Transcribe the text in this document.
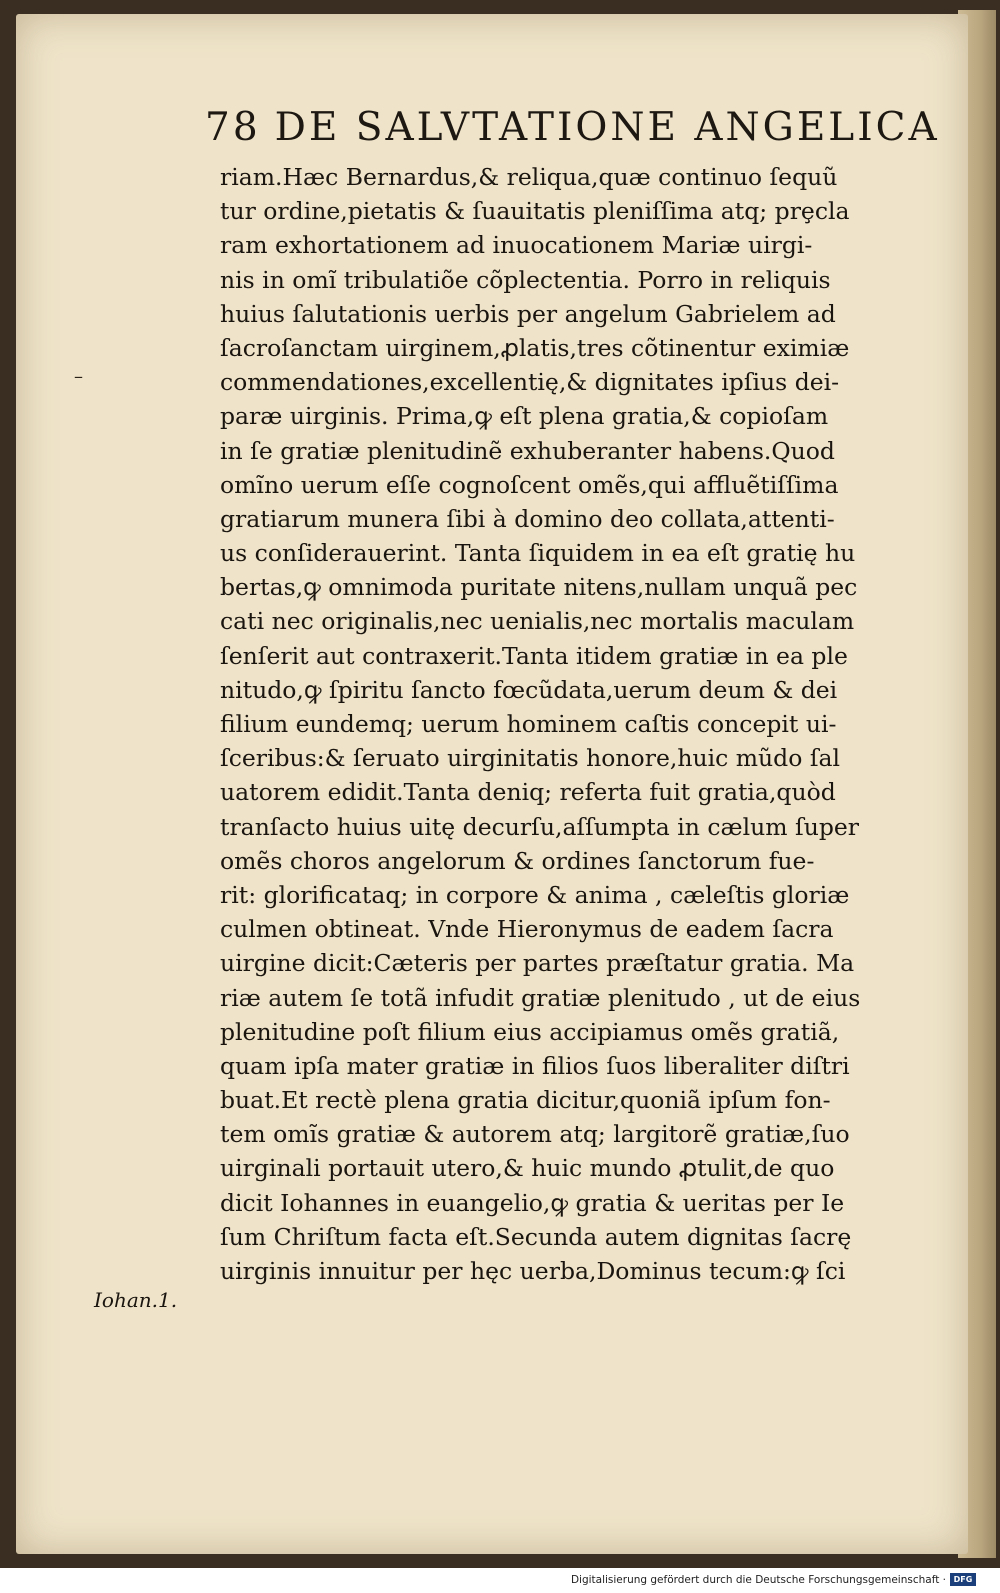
–
78 DE SALVTATIONE ANGELICA
riam.Hæc Bernardus,& reliqua,quæ continuo ſequũ
tur ordine,pietatis & ſuauitatis pleniſſima atq; prȩcla
ram exhortationem ad inuocationem Mariæ uirgi-
nis in omĩ tribulatiõe cõplectentia. Porro in reliquis
huius ſalutationis uerbis per angelum Gabrielem ad
ſacroſanctam uirginem,ꝓlatis,tres cõtinentur eximiæ
commendationes,excellentię,& dignitates ipſius dei-
paræ uirginis. Prima,ꝙ eſt plena gratia,& copioſam
in ſe gratiæ plenitudinẽ exhuberanter habens.Quod
omĩno uerum eſſe cognoſcent omẽs,qui affluẽtiſſima
gratiarum munera ſibi à domino deo collata,attenti-
us conſiderauerint. Tanta ſiquidem in ea eſt gratię hu
bertas,ꝙ omnimoda puritate nitens,nullam unquã pec
cati nec originalis,nec uenialis,nec mortalis maculam
ſenſerit aut contraxerit.Tanta itidem gratiæ in ea ple
nitudo,ꝙ ſpiritu ſancto fœcũdata,uerum deum & dei
filium eundemq; uerum hominem caſtis concepit ui-
ſceribus:& ſeruato uirginitatis honore,huic mũdo ſal
uatorem edidit.Tanta deniq; referta fuit gratia,quòd
tranſacto huius uitę decurſu,aſſumpta in cælum ſuper
omẽs choros angelorum & ordines ſanctorum fue-
rit: glorificataq; in corpore & anima , cæleſtis gloriæ
culmen obtineat. Vnde Hieronymus de eadem ſacra
uirgine dicit:Cæteris per partes præſtatur gratia. Ma
riæ autem ſe totã infudit gratiæ plenitudo , ut de eius
plenitudine poſt filium eius accipiamus omẽs gratiã,
quam ipſa mater gratiæ in filios ſuos liberaliter diſtri
buat.Et rectè plena gratia dicitur,quoniã ipſum fon-
tem omĩs gratiæ & autorem atq; largitorẽ gratiæ,ſuo
uirginali portauit utero,& huic mundo ꝓtulit,de quo
dicit Iohannes in euangelio,ꝙ gratia & ueritas per Ie
ſum Chriſtum facta eſt.Secunda autem dignitas ſacrę
uirginis innuitur per hęc uerba,Dominus tecum:ꝙ ſci
Iohan.1.
Digitalisierung gefördert durch die Deutsche Forschungsgemeinschaft · DFG
